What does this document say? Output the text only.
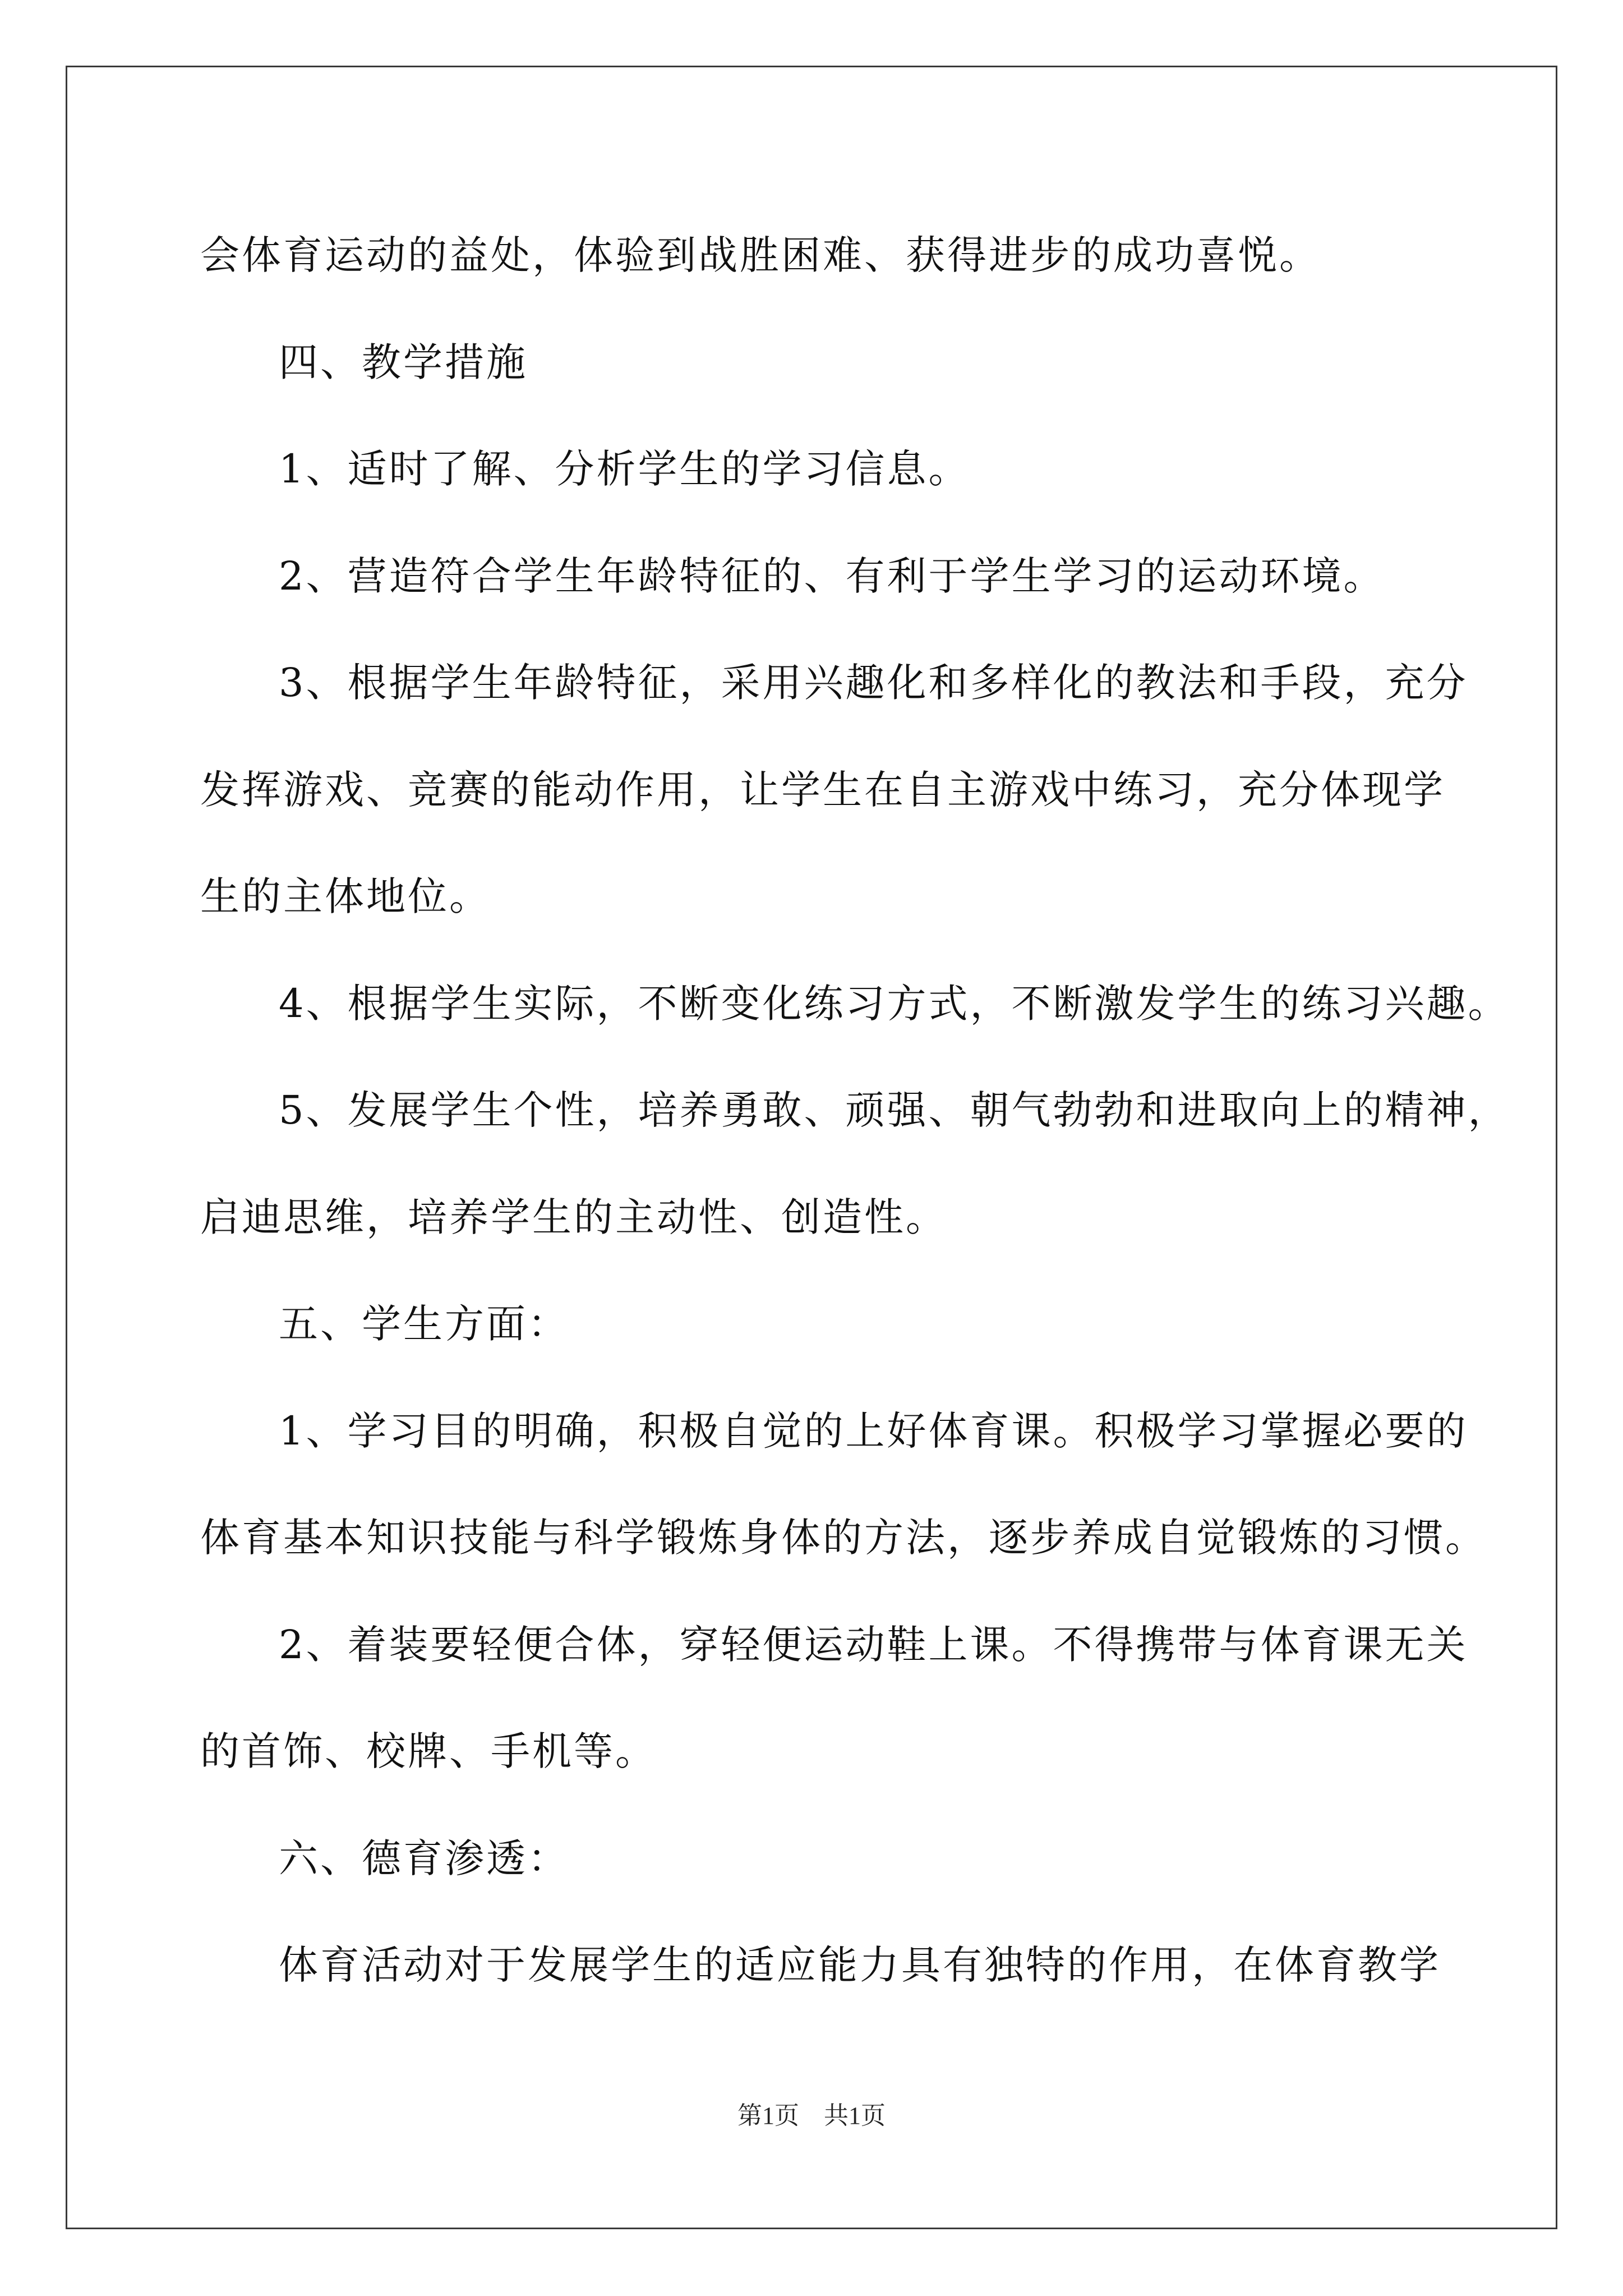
会体育运动的益处，体验到战胜困难、获得进步的成功喜悦。
四、教学措施
1、适时了解、分析学生的学习信息。
2、营造符合学生年龄特征的、有利于学生学习的运动环境。
3、根据学生年龄特征，采用兴趣化和多样化的教法和手段，充分
发挥游戏、竞赛的能动作用，让学生在自主游戏中练习，充分体现学
生的主体地位。
4、根据学生实际，不断变化练习方式，不断激发学生的练习兴趣。
5、发展学生个性，培养勇敢、顽强、朝气勃勃和进取向上的精神，
启迪思维，培养学生的主动性、创造性。
五、学生方面：
1、学习目的明确，积极自觉的上好体育课。积极学习掌握必要的
体育基本知识技能与科学锻炼身体的方法，逐步养成自觉锻炼的习惯。
2、着装要轻便合体，穿轻便运动鞋上课。不得携带与体育课无关
的首饰、校牌、手机等。
六、德育渗透：
体育活动对于发展学生的适应能力具有独特的作用，在体育教学
第1页　共1页
